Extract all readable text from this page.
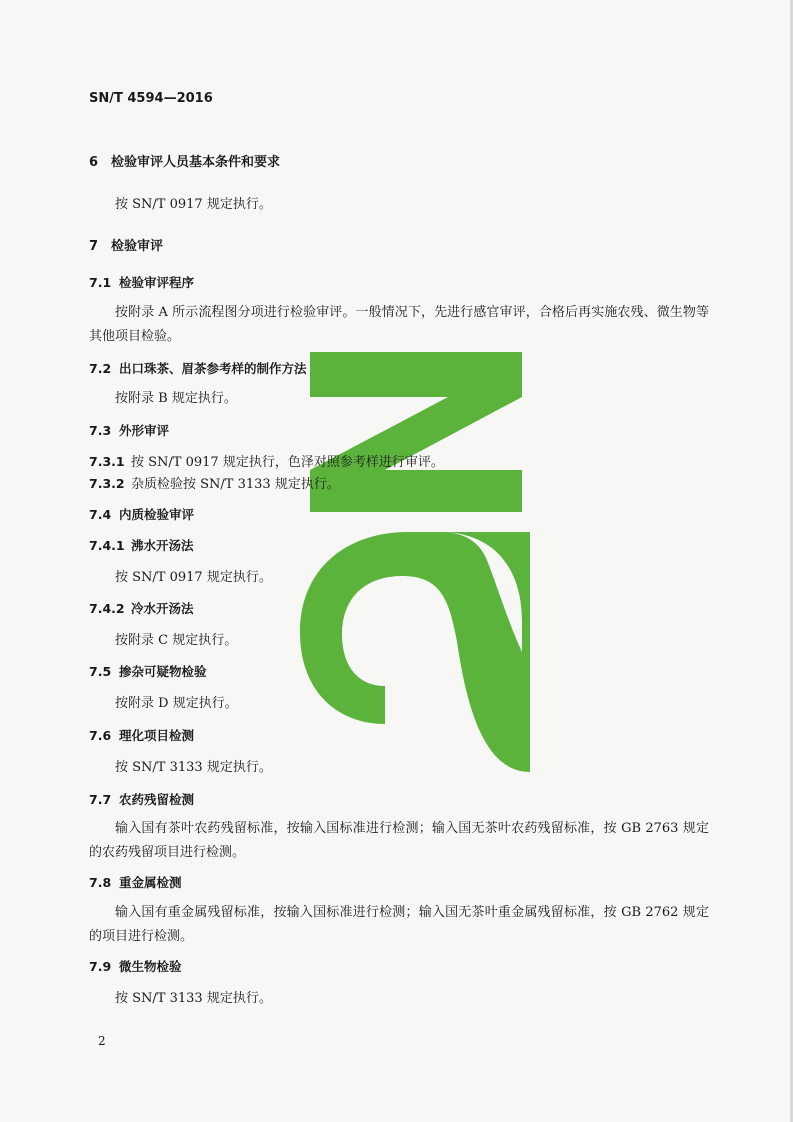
SN/T 4594—2016
6 检验审评人员基本条件和要求
按 SN/T 0917 规定执行。
7 检验审评
7.1 检验审评程序
按附录 A 所示流程图分项进行检验审评。一般情况下，先进行感官审评，合格后再实施农残、微生物等其他项目检验。
7.2 出口珠茶、眉茶参考样的制作方法
按附录 B 规定执行。
7.3 外形审评
7.3.1 按 SN/T 0917 规定执行，色泽对照参考样进行审评。
7.3.2 杂质检验按 SN/T 3133 规定执行。
7.4 内质检验审评
7.4.1 沸水开汤法
按 SN/T 0917 规定执行。
7.4.2 冷水开汤法
按附录 C 规定执行。
7.5 掺杂可疑物检验
按附录 D 规定执行。
7.6 理化项目检测
按 SN/T 3133 规定执行。
7.7 农药残留检测
输入国有茶叶农药残留标准，按输入国标准进行检测；输入国无茶叶农药残留标准，按 GB 2763 规定的农药残留项目进行检测。
7.8 重金属检测
输入国有重金属残留标准，按输入国标准进行检测；输入国无茶叶重金属残留标准，按 GB 2762 规定的项目进行检测。
7.9 微生物检验
按 SN/T 3133 规定执行。
2
